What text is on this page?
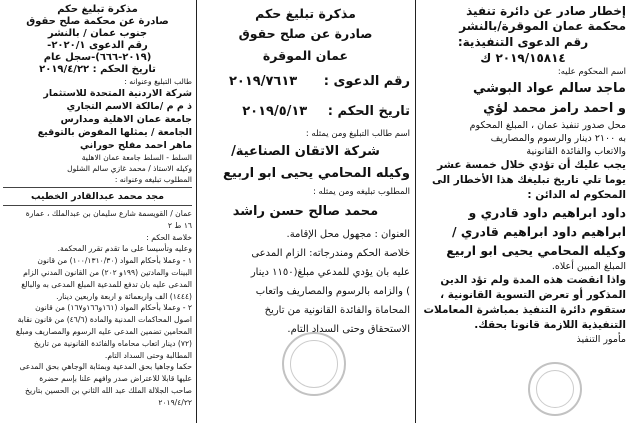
إخطار صادر عن دائرة تنفيذ
محكمة عمان الموقرة/بالنشر
رقم الدعوى التنفيذية:
٢٠١٩/١٥٨١٤ ك
اسم المحكوم عليه:
ماجد سالم عواد البوشي
و احمد رامز محمد لؤي
محل صدور تنفيذ عمان ، المبلغ المحكوم
به ٢١٠٠ دينار والرسوم والمصاريف
والاتعاب والفائدة القانونية
يجب عليك أن تؤدي خلال خمسة عشر
يوما تلي تاريخ تبليغك هذا الأخطار الى
المحكوم له الدائن :
داود ابراهيم داود قادري و
ابراهيم داود ابراهيم قادري /
وكيله المحامي يحيى ابو اربيع
المبلغ المبين أعلاه.
واذا انقضت هذه المدة ولم تؤد الدين
المذكور أو تعرض التسوية القانونية ،
ستقوم دائرة التنفيذ بمباشرة المعاملات
التنفيذية اللازمة قانونا بحقك.
مأمور التنفيذ
مذكرة تبليغ حكم
صادرة عن صلح حقوق
عمان الموقرة
رقم الدعوى : ٢٠١٩/٧٦١٣
تاريخ الحكم : ٢٠١٩/٥/١٣
اسم طالب التبليغ ومن يمثله :
شركة الاتقان الصناعية/
وكيله المحامي يحيى ابو اربيع
المطلوب تبليغه ومن يمثله :
محمد صالح حسن راشد
العنوان : مجهول محل الإقامة.
خلاصة الحكم ومندرجاته: الزام المدعى
عليه بان يؤدي للمدعي مبلغ(١١٥٠ دينار
) والزامه بالرسوم والمصاريف واتعاب
المحاماة والفائدة القانونية من تاريخ
الاستحقاق وحتى السداد التام.
مذكرة تبليغ حكم
صادرة عن محكمة صلح حقوق
جنوب عمان / بالنشر
رقم الدعوى ٢٠٢٠/١-
(٢٠١٩-٦٦٦)-سجل عام
تاريخ الحكم : ٢٠١٩/٤/٢٢
طالب التبليغ وعنوانه :
شركة الاردنية المتحدة للاستثمار
ذ م م /مالكة الاسم التجاري
جامعة عمان الاهلية ومدارس
الجامعة / يمثلها المفوض بالتوقيع
ماهر احمد مفلح حوراني
السلط - السلط جامعة عمان الاهلية
وكيله الاستاذ / محمد غازي سالم الشلول
المطلوب تبليغه وعنوانه :
مجد محمد عبدالقادر الخطيب
عمان / القويسمة شارع سليمان بن عبدالملك ، عمارة
١٦ ط ٢
خلاصة الحكم :
وعليه وتأسيسا على ما تقدم تقرر المحكمة.
١ - وعملا بأحكام المواد (١٠٠/١٣١٠/٣٠) من قانون
البينات والمادتين (١٩٩و ٢٠٢) من القانون المدني الزام
المدعى عليه بان تدفع للمدعية المبلغ المدعى به والبالغ
(١٤٤٤) الف واربعمائة و اربعة واربعين دينار.
٢ - وعملا بأحكام المواد (١٦١و١٦٦و١٦٧) من قانون
اصول المحاكمات المدنية والمادة (٤٦/٦) من قانون نقابة
المحامين تضمين المدعى عليه الرسوم والمصاريف ومبلغ
(٧٢) دينار اتعاب محاماه والفائدة القانونية من تاريخ
المطالبة وحتى السداد التام.
حكما وجاهيا بحق المدعية وبمثابة الوجاهي بحق المدعى
عليها قابلا للاعتراض صدر وافهم علنا بإسم حضرة
صاحب الجلالة الملك عبد الله الثاني بن الحسين بتاريخ
٢٠١٩/٤/٢٢
